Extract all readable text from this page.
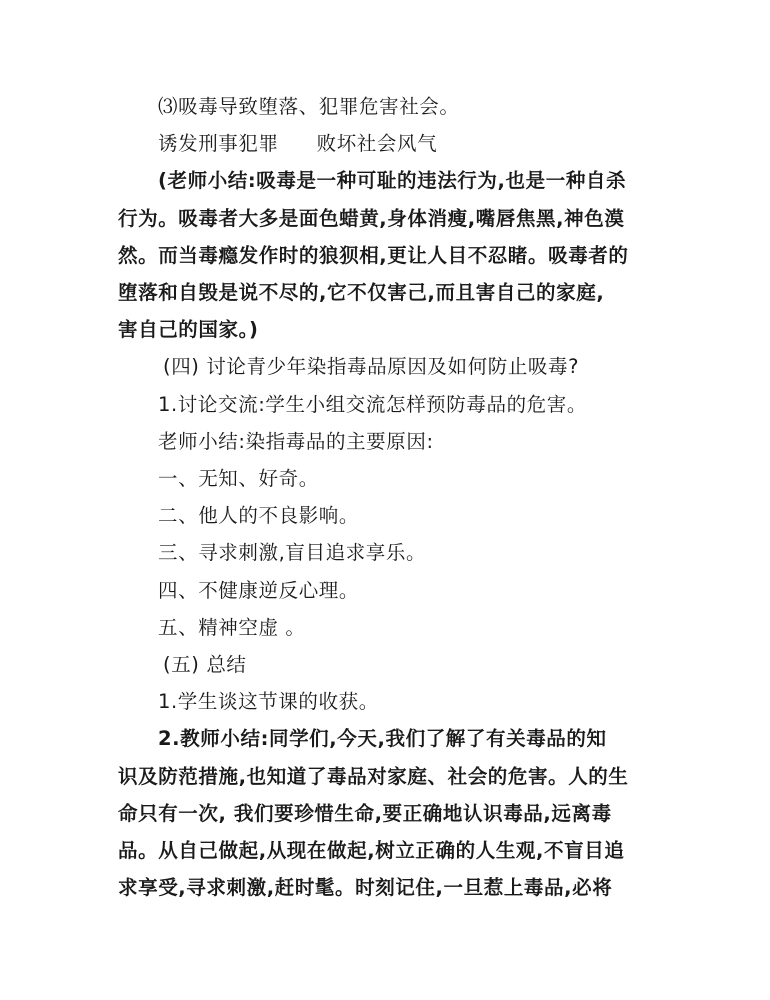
⑶吸毒导致堕落、犯罪危害社会。
诱发刑事犯罪 败坏社会风气
(老师小结:吸毒是一种可耻的违法行为,也是一种自杀
行为。吸毒者大多是面色蜡黄,身体消瘦,嘴唇焦黑,神色漠
然。而当毒瘾发作时的狼狈相,更让人目不忍睹。吸毒者的
堕落和自毁是说不尽的,它不仅害己,而且害自己的家庭,
害自己的国家。)
(四) 讨论青少年染指毒品原因及如何防止吸毒?
1.讨论交流:学生小组交流怎样预防毒品的危害。
老师小结:染指毒品的主要原因:
一、无知、好奇。
二、他人的不良影响。
三、寻求刺激,盲目追求享乐。
四、不健康逆反心理。
五、精神空虚 。
(五) 总结
1.学生谈这节课的收获。
2.教师小结:同学们,今天,我们了解了有关毒品的知
识及防范措施,也知道了毒品对家庭、社会的危害。人的生
命只有一次, 我们要珍惜生命,要正确地认识毒品,远离毒
品。从自己做起,从现在做起,树立正确的人生观,不盲目追
求享受,寻求刺激,赶时髦。时刻记住,一旦惹上毒品,必将
